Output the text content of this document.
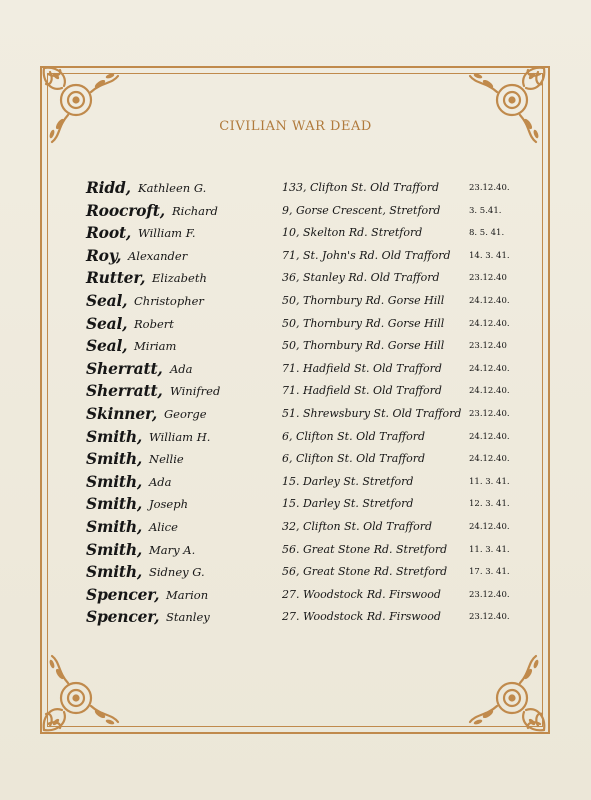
CIVILIAN WAR DEAD
Ridd, Kathleen G.	133, Clifton St. Old Trafford	23.12.40.
Roocroft, Richard	9, Gorse Crescent, Stretford	3. 5.41.
Root, William F.	10, Skelton Rd. Stretford	8. 5. 41.
Roy, Alexander	71, St. John's Rd. Old Trafford 14. 3. 41.
Rutter, Elizabeth	36, Stanley Rd. Old Trafford	23.12.40
Seal, Christopher	50, Thornbury Rd. Gorse Hill	24.12.40.
Seal, Robert	50, Thornbury Rd. Gorse Hill	24.12.40.
Seal, Miriam	50, Thornbury Rd. Gorse Hill	23.12.40
Sherratt, Ada	71. Hadfield St. Old Trafford	24.12.40.
Sherratt, Winifred	71. Hadfield St. Old Trafford	24.12.40.
Skinner, George	51. Shrewsbury St. Old Trafford 23.12.40.
Smith, William H.	6, Clifton St. Old Trafford	24.12.40.
Smith, Nellie	6, Clifton St. Old Trafford	24.12.40.
Smith, Ada	15. Darley St. Stretford	11. 3. 41.
Smith, Joseph	15. Darley St. Stretford	12. 3. 41.
Smith, Alice	32, Clifton St. Old Trafford	24.12.40.
Smith, Mary A.	56. Great Stone Rd. Stretford	11. 3. 41.
Smith, Sidney G.	56, Great Stone Rd. Stretford	17. 3. 41.
Spencer, Marion	27. Woodstock Rd. Firswood	23.12.40.
Spencer, Stanley	27. Woodstock Rd. Firswood	23.12.40.
